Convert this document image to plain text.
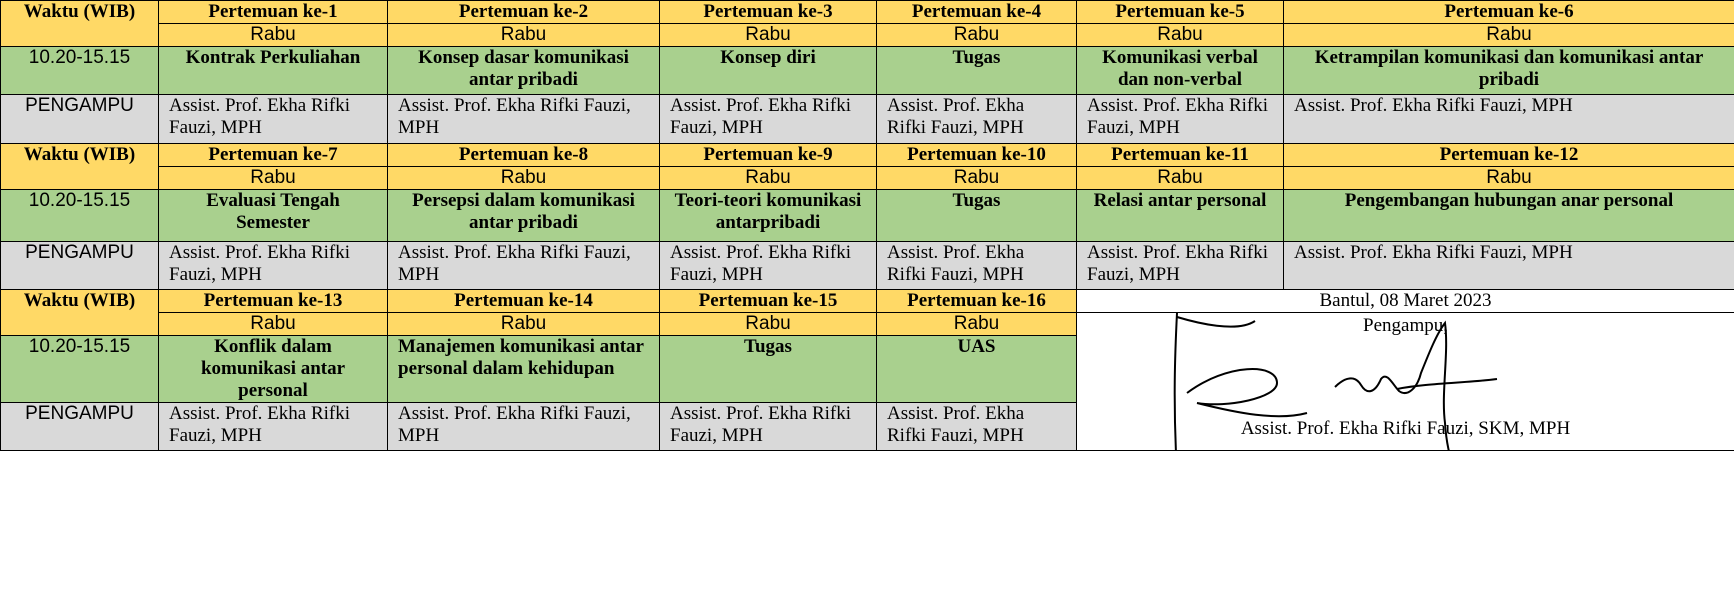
Waktu (WIB)	Pertemuan ke-1	Pertemuan ke-2	Pertemuan ke-3	Pertemuan ke-4	Pertemuan ke-5	Pertemuan ke-6
	Rabu	Rabu	Rabu	Rabu	Rabu	Rabu
10.20-15.15	Kontrak Perkuliahan	Konsep dasar komunikasi antar pribadi	Konsep diri	Tugas	Komunikasi verbal dan non-verbal	Ketrampilan komunikasi dan komunikasi antar pribadi
PENGAMPU	Assist. Prof. Ekha Rifki Fauzi, MPH	Assist. Prof. Ekha Rifki Fauzi, MPH	Assist. Prof. Ekha Rifki Fauzi, MPH	Assist. Prof. Ekha Rifki Fauzi, MPH	Assist. Prof. Ekha Rifki Fauzi, MPH	Assist. Prof. Ekha Rifki Fauzi, MPH
Waktu (WIB)	Pertemuan ke-7	Pertemuan ke-8	Pertemuan ke-9	Pertemuan ke-10	Pertemuan ke-11	Pertemuan ke-12
	Rabu	Rabu	Rabu	Rabu	Rabu	Rabu
10.20-15.15	Evaluasi Tengah Semester	Persepsi dalam komunikasi antar pribadi	Teori-teori komunikasi antarpribadi	Tugas	Relasi antar personal	Pengembangan hubungan anar personal
PENGAMPU	Assist. Prof. Ekha Rifki Fauzi, MPH	Assist. Prof. Ekha Rifki Fauzi, MPH	Assist. Prof. Ekha Rifki Fauzi, MPH	Assist. Prof. Ekha Rifki Fauzi, MPH	Assist. Prof. Ekha Rifki Fauzi, MPH	Assist. Prof. Ekha Rifki Fauzi, MPH
Waktu (WIB)	Pertemuan ke-13	Pertemuan ke-14	Pertemuan ke-15	Pertemuan ke-16	Bantul, 08 Maret 2023	
	Rabu	Rabu	Rabu	Rabu	Pengampu,
Assist. Prof. Ekha Rifki Fauzi, SKM, MPH	

10.20-15.15	Konflik dalam komunikasi antar personal	Manajemen komunikasi antar personal dalam kehidupan	Tugas	UAS		
PENGAMPU	Assist. Prof. Ekha Rifki Fauzi, MPH	Assist. Prof. Ekha Rifki Fauzi, MPH	Assist. Prof. Ekha Rifki Fauzi, MPH	Assist. Prof. Ekha Rifki Fauzi, MPH		
